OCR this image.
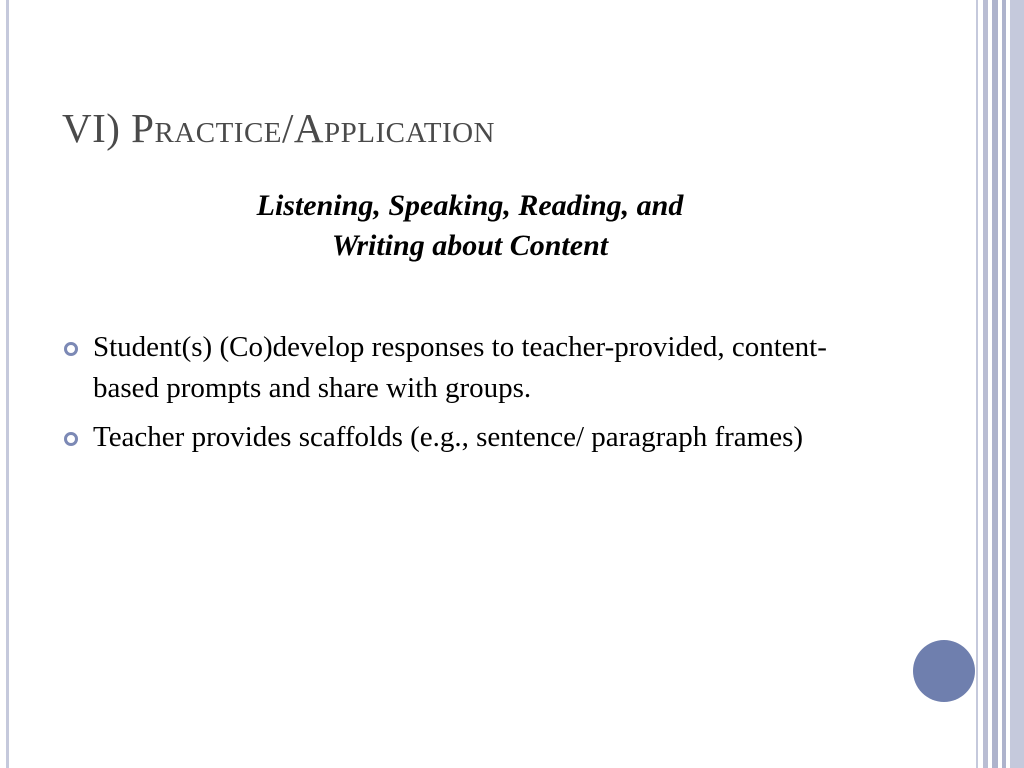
VI) Practice/Application
Listening, Speaking, Reading, and
Writing about Content
Student(s) (Co)develop responses to teacher-provided, content-based prompts and share with groups.
Teacher provides scaffolds (e.g., sentence/ paragraph frames)
